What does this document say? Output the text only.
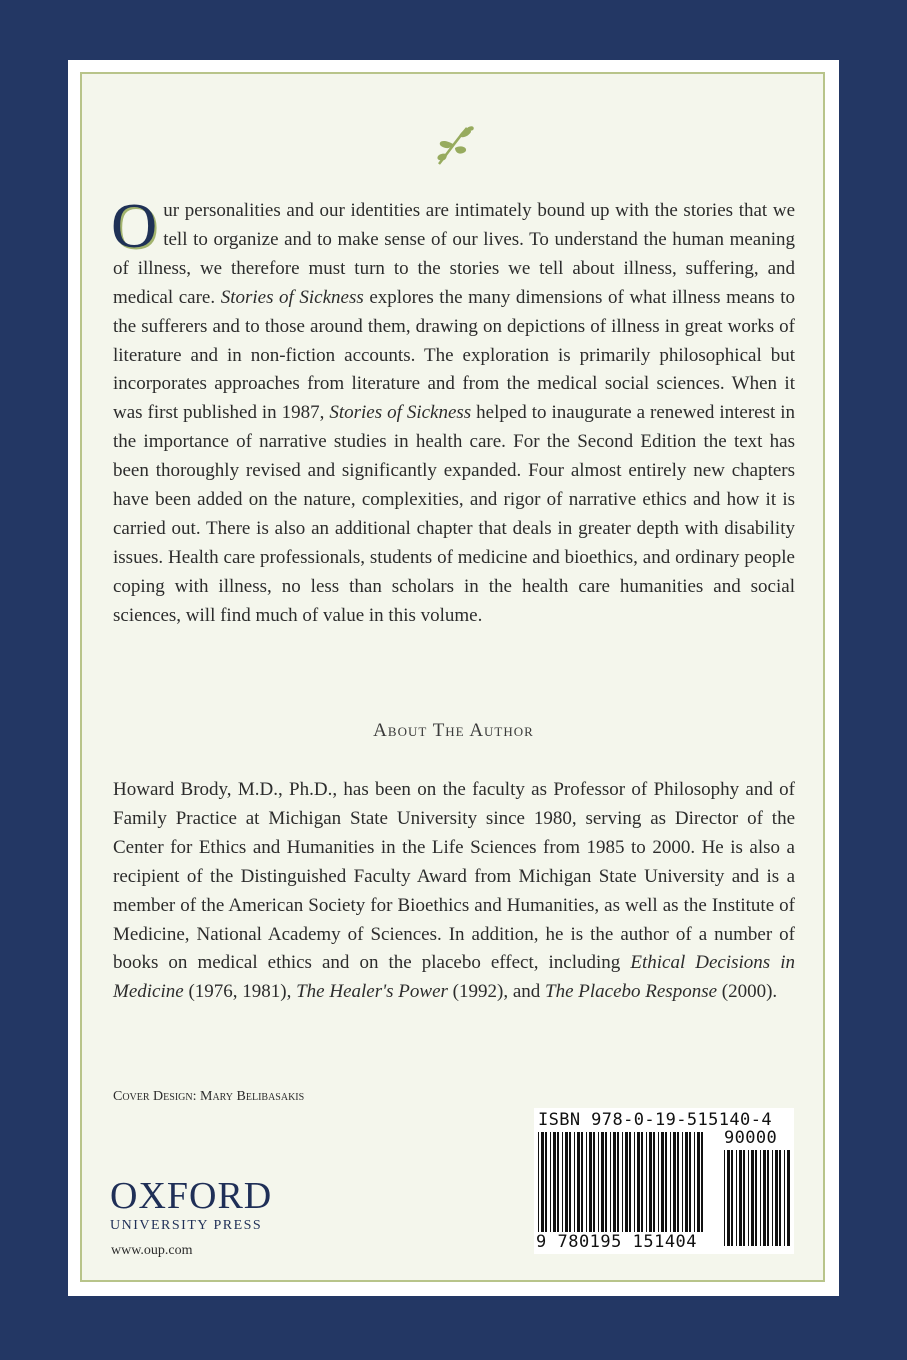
Our personalities and our identities are intimately bound up with the stories that we tell to organize and to make sense of our lives. To understand the human meaning of illness, we therefore must turn to the stories we tell about illness, suffering, and medical care. Stories of Sickness explores the many dimensions of what illness means to the sufferers and to those around them, drawing on depictions of illness in great works of literature and in non-fiction accounts. The exploration is primarily philosophical but incorporates approaches from literature and from the medical social sciences. When it was first published in 1987, Stories of Sickness helped to inaugurate a renewed interest in the importance of narrative studies in health care. For the Second Edition the text has been thoroughly revised and significantly expanded. Four almost entirely new chapters have been added on the nature, complexities, and rigor of narrative ethics and how it is carried out. There is also an additional chapter that deals in greater depth with disability issues. Health care professionals, students of medicine and bioethics, and ordinary people coping with illness, no less than scholars in the health care humanities and social sciences, will find much of value in this volume.
About The Author
Howard Brody, M.D., Ph.D., has been on the faculty as Professor of Philosophy and of Family Practice at Michigan State University since 1980, serving as Director of the Center for Ethics and Humanities in the Life Sciences from 1985 to 2000. He is also a recipient of the Distinguished Faculty Award from Michigan State University and is a member of the American Society for Bioethics and Humanities, as well as the Institute of Medicine, National Academy of Sciences. In addition, he is the author of a number of books on medical ethics and on the placebo effect, including Ethical Decisions in Medicine (1976, 1981), The Healer's Power (1992), and The Placebo Response (2000).
Cover Design: Mary Belibasakis
OXFORD
UNIVERSITY PRESS
www.oup.com
ISBN 978-0-19-515140-4
90000
9 780195 151404
